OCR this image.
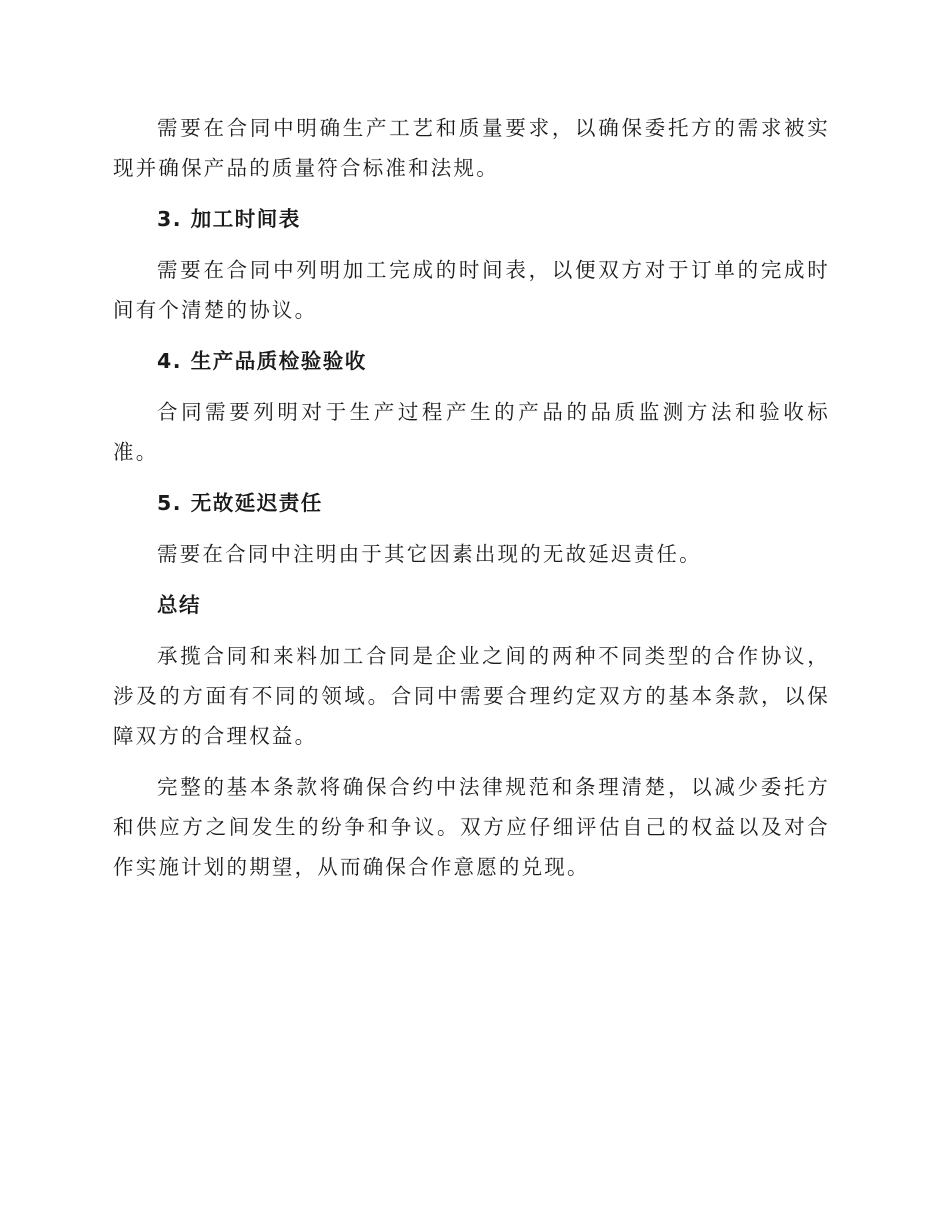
需要在合同中明确生产工艺和质量要求，以确保委托方的需求被实现并确保产品的质量符合标准和法规。

3. 加工时间表

需要在合同中列明加工完成的时间表，以便双方对于订单的完成时间有个清楚的协议。

4. 生产品质检验验收

合同需要列明对于生产过程产生的产品的品质监测方法和验收标准。

5. 无故延迟责任

需要在合同中注明由于其它因素出现的无故延迟责任。

总结

承揽合同和来料加工合同是企业之间的两种不同类型的合作协议，涉及的方面有不同的领域。合同中需要合理约定双方的基本条款，以保障双方的合理权益。

完整的基本条款将确保合约中法律规范和条理清楚，以减少委托方和供应方之间发生的纷争和争议。双方应仔细评估自己的权益以及对合作实施计划的期望，从而确保合作意愿的兑现。
